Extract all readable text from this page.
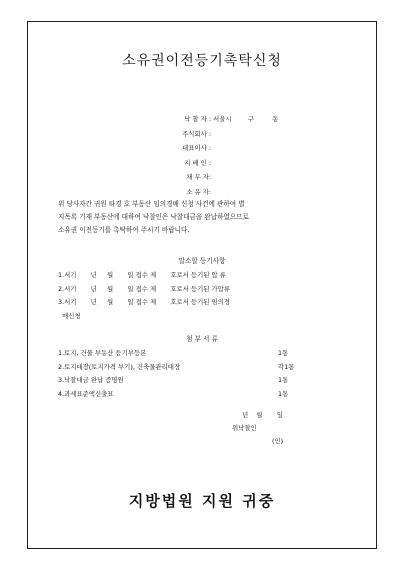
소유권이전등기촉탁신청
낙 찰 자 : 서울시        구         동
주식회사 :
대표이사 :
지 배 인 :
채 무 자:
소 유 자:
위 당사자간 귀원 타경 호 부동산 임의경매 신청 사건에 관하여 별
지목록 기재 부동산에 대하여 낙찰인은 낙찰대금을 완납하였으므로
소유권 이전등기를 촉탁하여 주시기 바랍니다.
말소할 등기사항
1.서기       년     월       일 접수 제       호로서 등기된 압 류
2.서기       년     월       일 접수 제       호로서 등기된 가압류
3.서기       년     월       일 접수 제       호로서 등기된 임의경
매신청
첨 부 서 류
1.토지, 건물 부동산 등기부등본	1통
2.토지대장(토지가격 부기), 건축물관리대장	각1통
3.낙찰대금 완납 증명원	1통
4.과세표준액신출표	1통
년    월       일
위낙찰인
(인)
지방법원 지원 귀중
